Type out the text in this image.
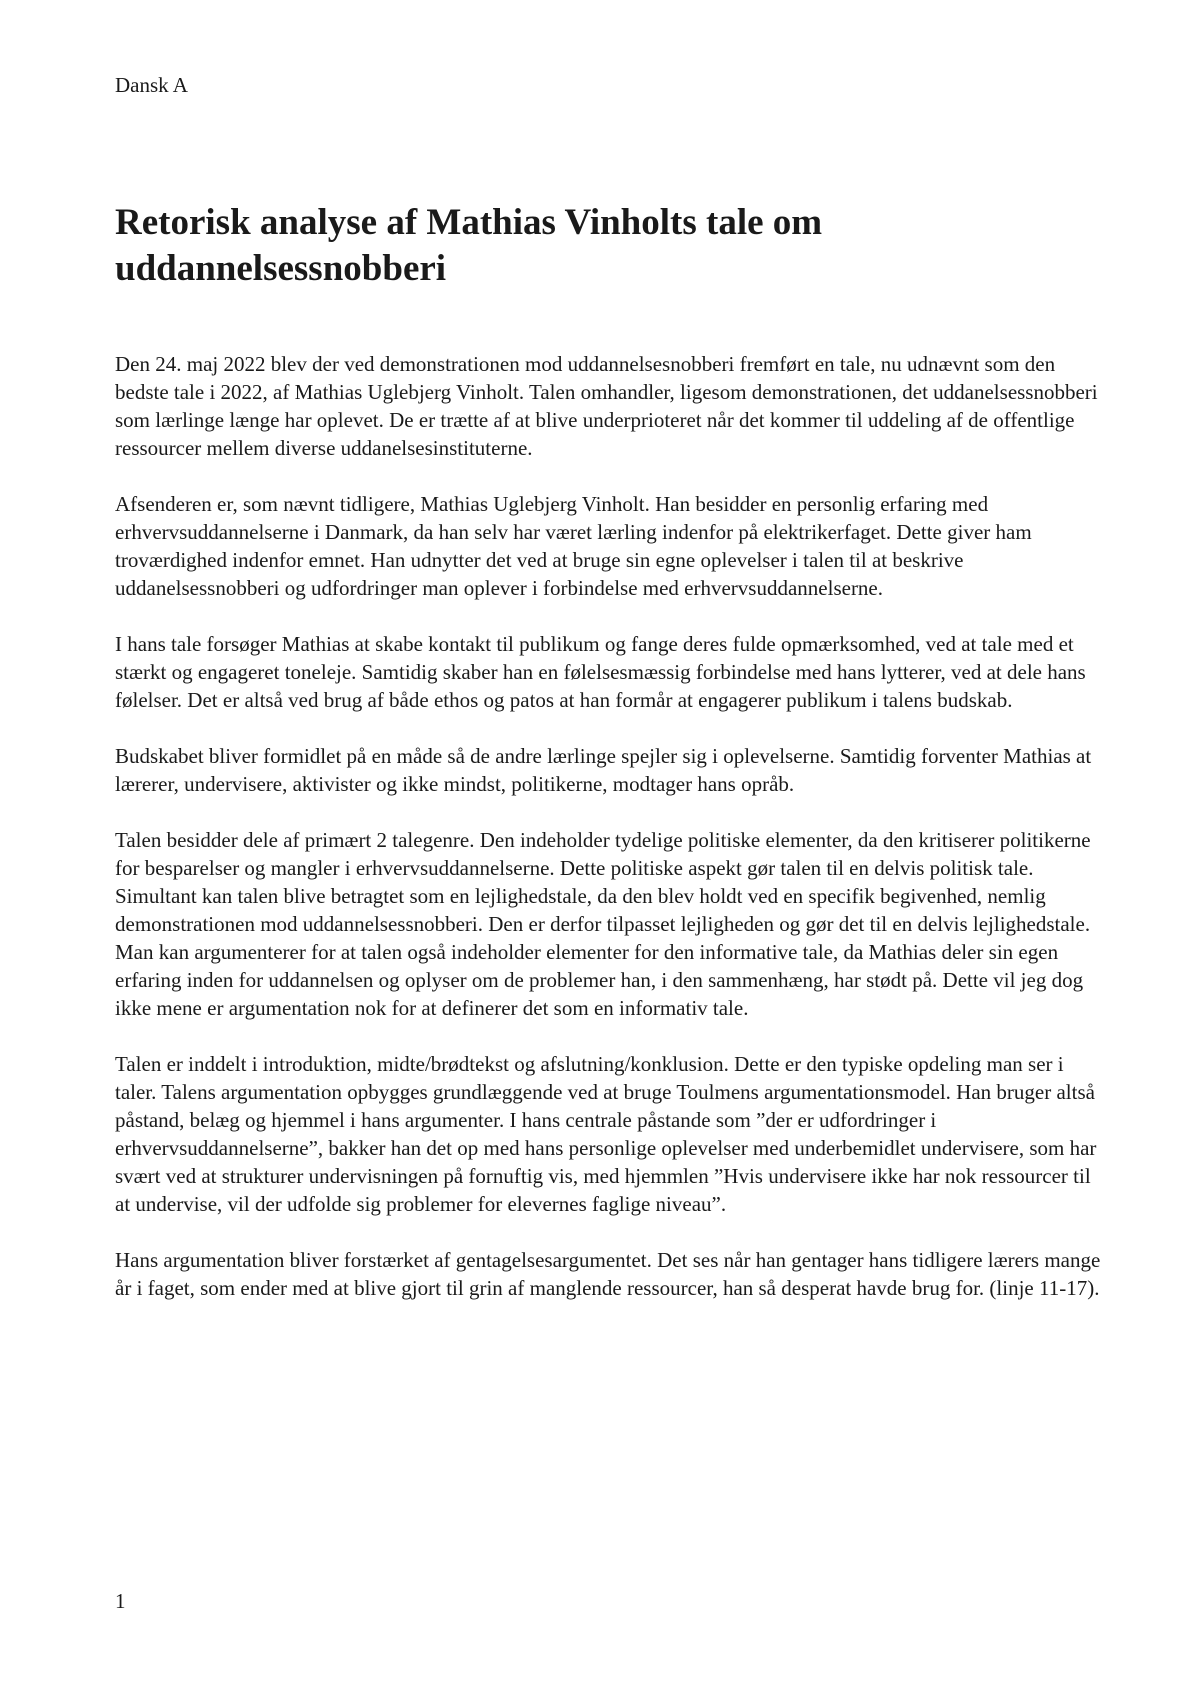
Dansk A
Retorisk analyse af Mathias Vinholts tale om uddannelsessnobberi

Den 24. maj 2022 blev der ved demonstrationen mod uddannelsesnobberi fremført en tale, nu udnævnt som den bedste tale i 2022, af Mathias Uglebjerg Vinholt. Talen omhandler, ligesom demonstrationen, det uddanelsessnobberi som lærlinge længe har oplevet. De er trætte af at blive underprioteret når det kommer til uddeling af de offentlige ressourcer mellem diverse uddanelsesinstituterne.

Afsenderen er, som nævnt tidligere, Mathias Uglebjerg Vinholt. Han besidder en personlig erfaring med erhvervsuddannelserne i Danmark, da han selv har været lærling indenfor på elektrikerfaget. Dette giver ham troværdighed indenfor emnet. Han udnytter det ved at bruge sin egne oplevelser i talen til at beskrive uddanelsessnobberi og udfordringer man oplever i forbindelse med erhvervsuddannelserne.

I hans tale forsøger Mathias at skabe kontakt til publikum og fange deres fulde opmærksomhed, ved at tale med et stærkt og engageret toneleje. Samtidig skaber han en følelsesmæssig forbindelse med hans lytterer, ved at dele hans følelser. Det er altså ved brug af både ethos og patos at han formår at engagerer publikum i talens budskab.

Budskabet bliver formidlet på en måde så de andre lærlinge spejler sig i oplevelserne. Samtidig forventer Mathias at lærerer, undervisere, aktivister og ikke mindst, politikerne, modtager hans opråb.

Talen besidder dele af primært 2 talegenre. Den indeholder tydelige politiske elementer, da den kritiserer politikerne for besparelser og mangler i erhvervsuddannelserne. Dette politiske aspekt gør talen til en delvis politisk tale. Simultant kan talen blive betragtet som en lejlighedstale, da den blev holdt ved en specifik begivenhed, nemlig demonstrationen mod uddannelsessnobberi. Den er derfor tilpasset lejligheden og gør det til en delvis lejlighedstale. Man kan argumenterer for at talen også indeholder elementer for den informative tale, da Mathias deler sin egen erfaring inden for uddannelsen og oplyser om de problemer han, i den sammenhæng, har stødt på. Dette vil jeg dog ikke mene er argumentation nok for at definerer det som en informativ tale.

Talen er inddelt i introduktion, midte/brødtekst og afslutning/konklusion. Dette er den typiske opdeling man ser i taler. Talens argumentation opbygges grundlæggende ved at bruge Toulmens argumentationsmodel. Han bruger altså påstand, belæg og hjemmel i hans argumenter. I hans centrale påstande som ”der er udfordringer i erhvervsuddannelserne”, bakker han det op med hans personlige oplevelser med underbemidlet undervisere, som har svært ved at strukturer undervisningen på fornuftig vis, med hjemmlen ”Hvis undervisere ikke har nok ressourcer til at undervise, vil der udfolde sig problemer for elevernes faglige niveau”.

Hans argumentation bliver forstærket af gentagelsesargumentet. Det ses når han gentager hans tidligere lærers mange år i faget, som ender med at blive gjort til grin af manglende ressourcer, han så desperat havde brug for. (linje 11-17).

1
